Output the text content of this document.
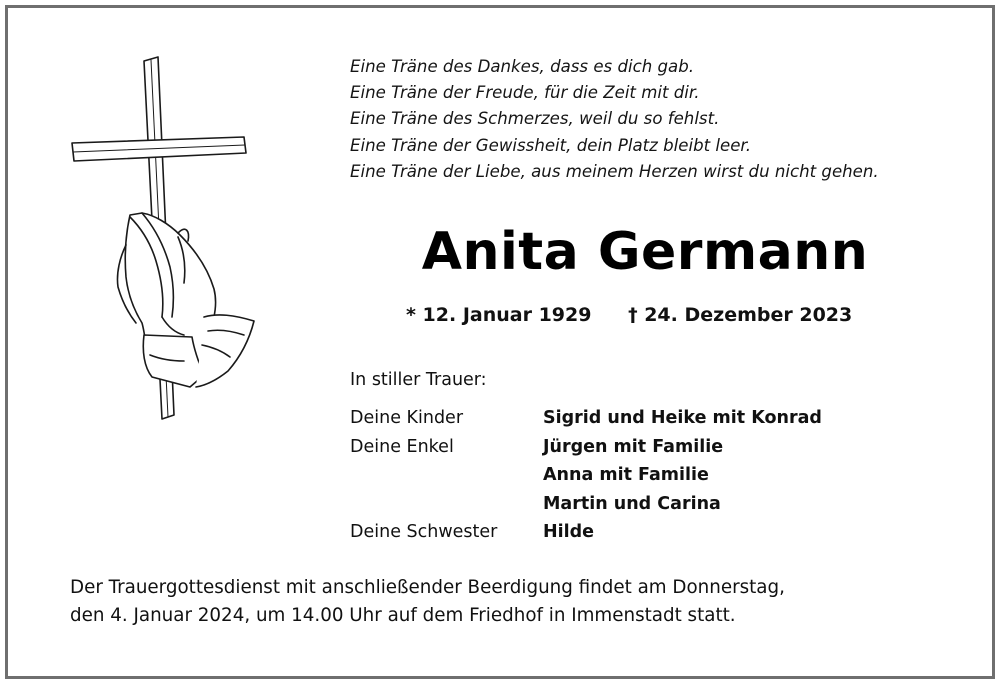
Eine Träne des Dankes, dass es dich gab.
Eine Träne der Freude, für die Zeit mit dir.
Eine Träne des Schmerzes, weil du so fehlst.
Eine Träne der Gewissheit, dein Platz bleibt leer.
Eine Träne der Liebe, aus meinem Herzen wirst du nicht gehen.
Anita Germann
* 12. Januar 1929 † 24. Dezember 2023
In stiller Trauer:
Deine Kinder	Sigrid und Heike mit Konrad
Deine Enkel	Jürgen mit Familie
	Anna mit Familie
	Martin und Carina
Deine Schwester	Hilde
Der Trauergottesdienst mit anschließender Beerdigung findet am Donnerstag,
den 4. Januar 2024, um 14.00 Uhr auf dem Friedhof in Immenstadt statt.
